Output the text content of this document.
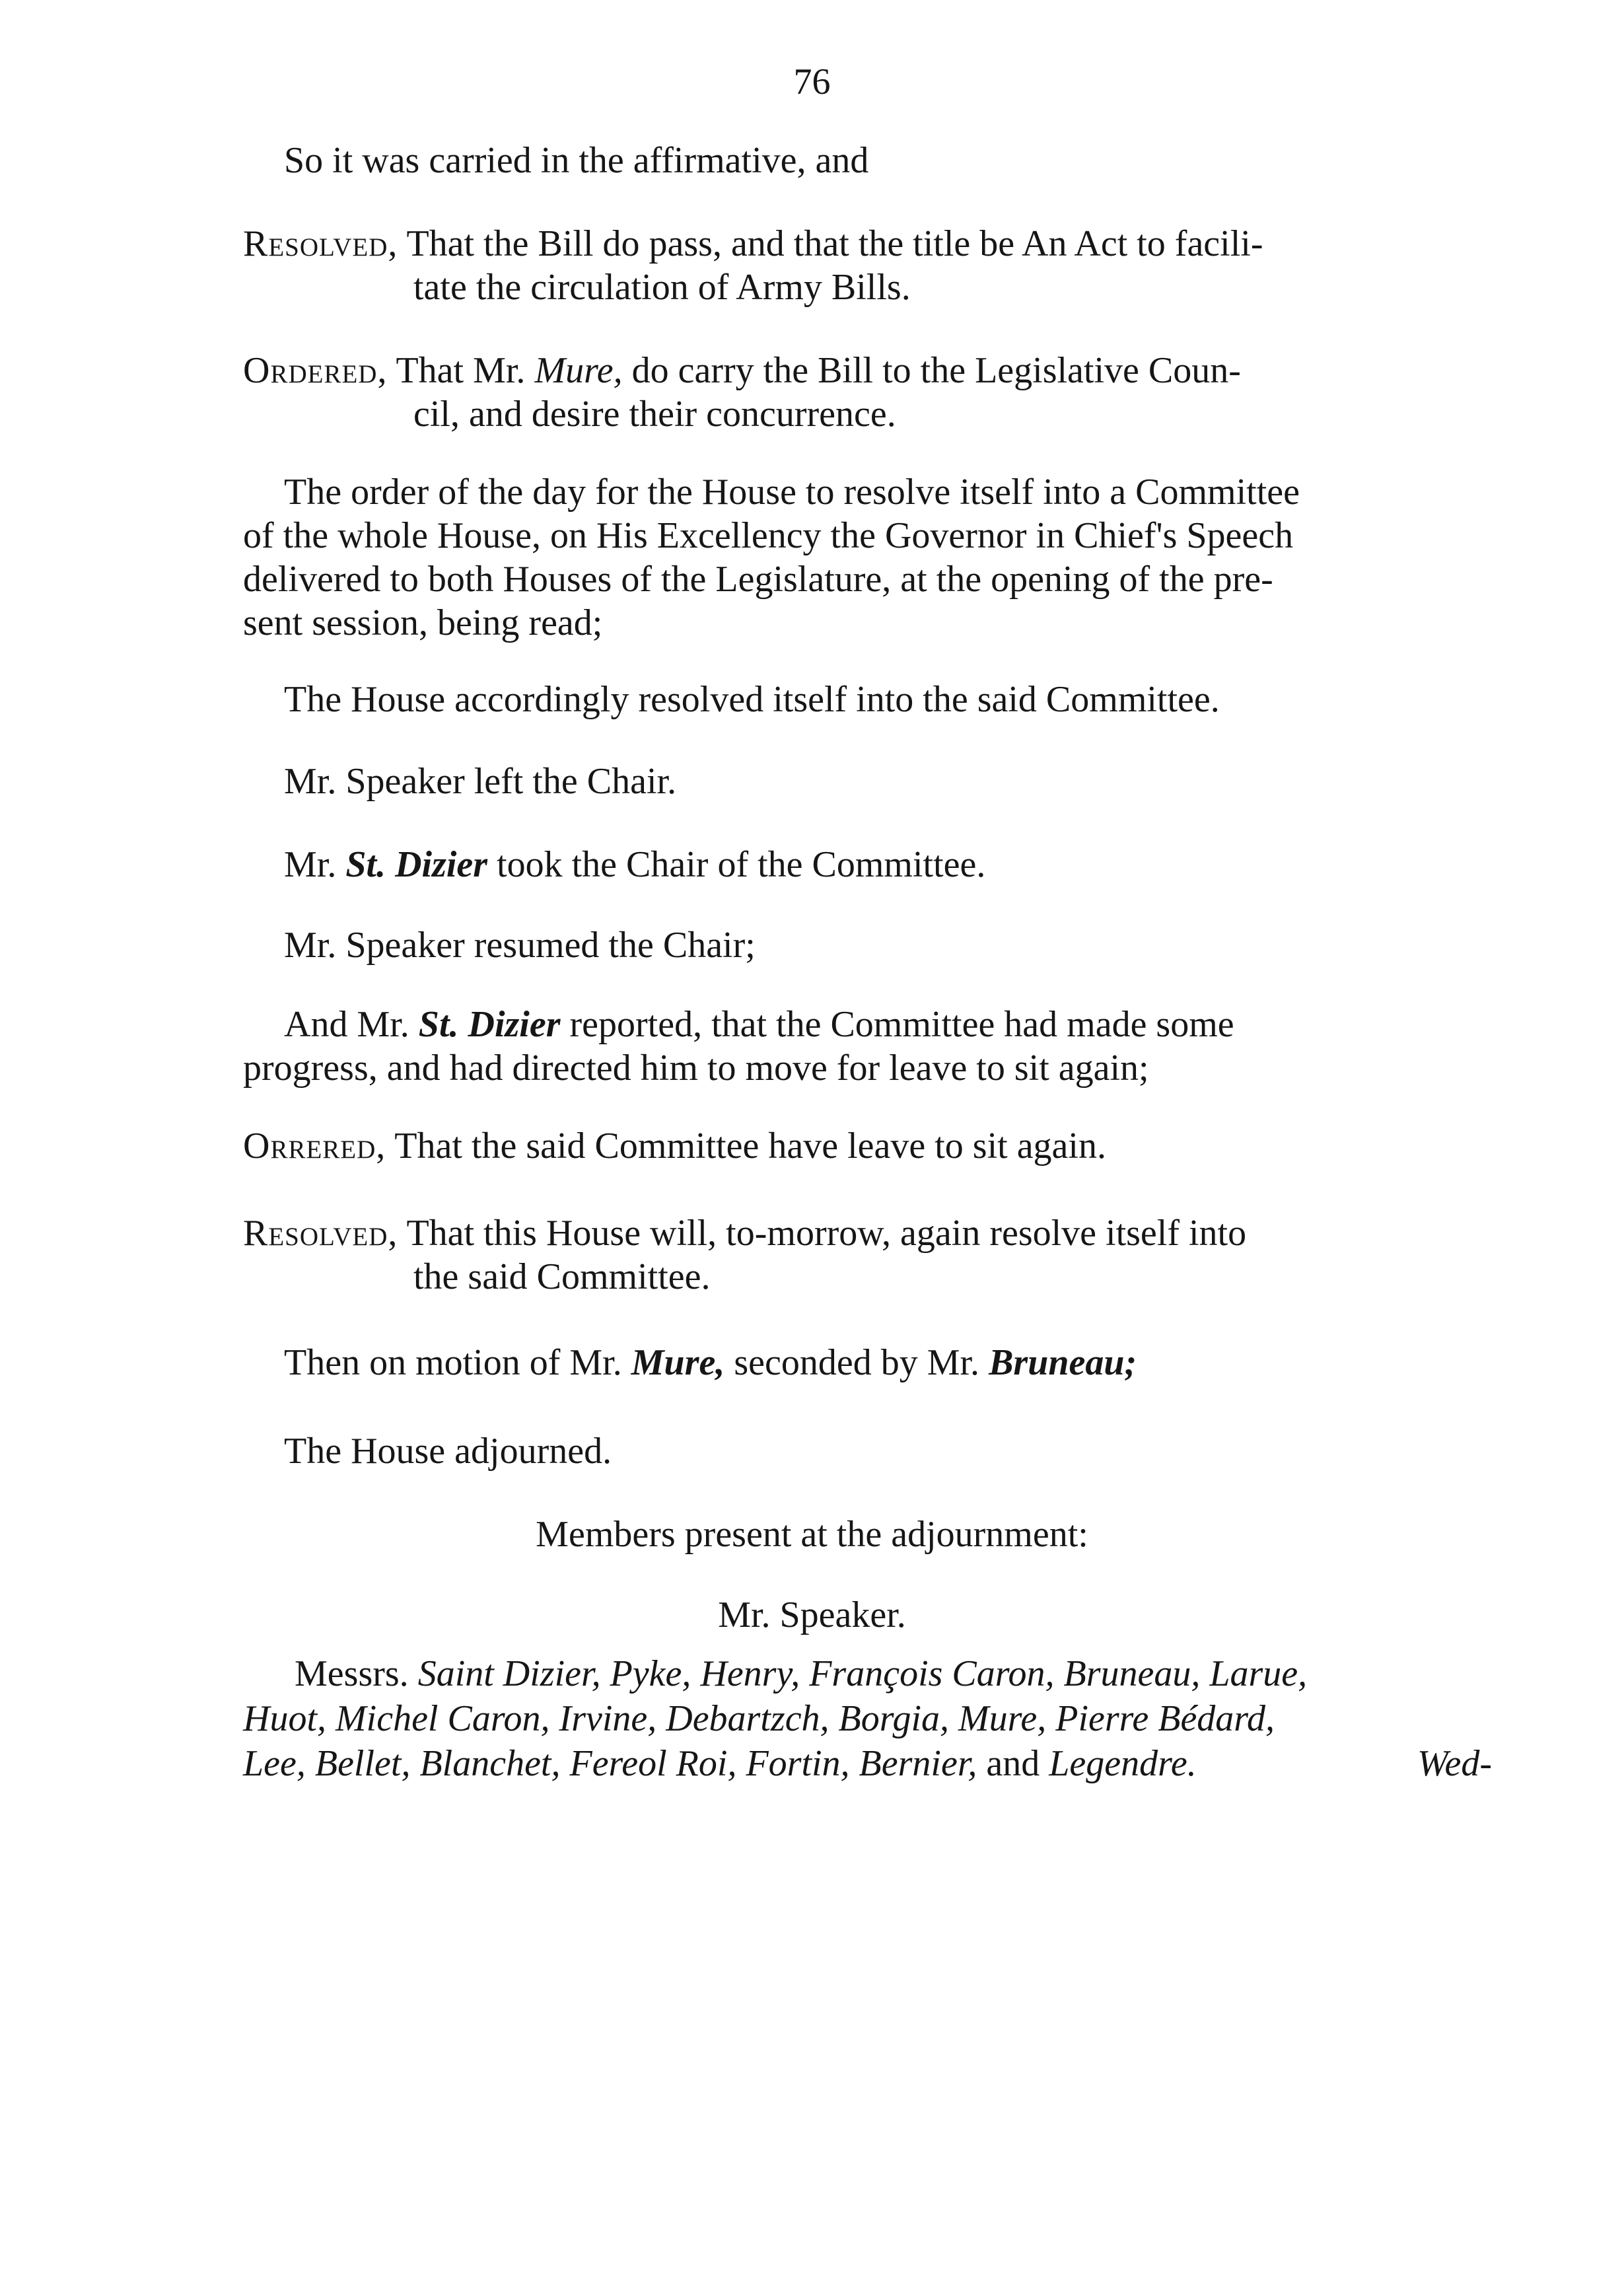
76
So it was carried in the affirmative, and
Resolved, That the Bill do pass, and that the title be An Act to facili-
tate the circulation of Army Bills.
Ordered, That Mr. Mure, do carry the Bill to the Legislative Coun-
cil, and desire their concurrence.
The order of the day for the House to resolve itself into a Committee
of the whole House, on His Excellency the Governor in Chief's Speech
delivered to both Houses of the Legislature, at the opening of the pre-
sent session, being read;
The House accordingly resolved itself into the said Committee.
Mr. Speaker left the Chair.
Mr. St. Dizier took the Chair of the Committee.
Mr. Speaker resumed the Chair;
And Mr. St. Dizier reported, that the Committee had made some
progress, and had directed him to move for leave to sit again;
Orrered, That the said Committee have leave to sit again.
Resolved, That this House will, to-morrow, again resolve itself into
the said Committee.
Then on motion of Mr. Mure, seconded by Mr. Bruneau;
The House adjourned.
Members present at the adjournment:
Mr. Speaker.
Messrs. Saint Dizier, Pyke, Henry, François Caron, Bruneau, Larue,
Huot, Michel Caron, Irvine, Debartzch, Borgia, Mure, Pierre Bédard,
Lee, Bellet, Blanchet, Fereol Roi, Fortin, Bernier, and Legendre.	Wed-
